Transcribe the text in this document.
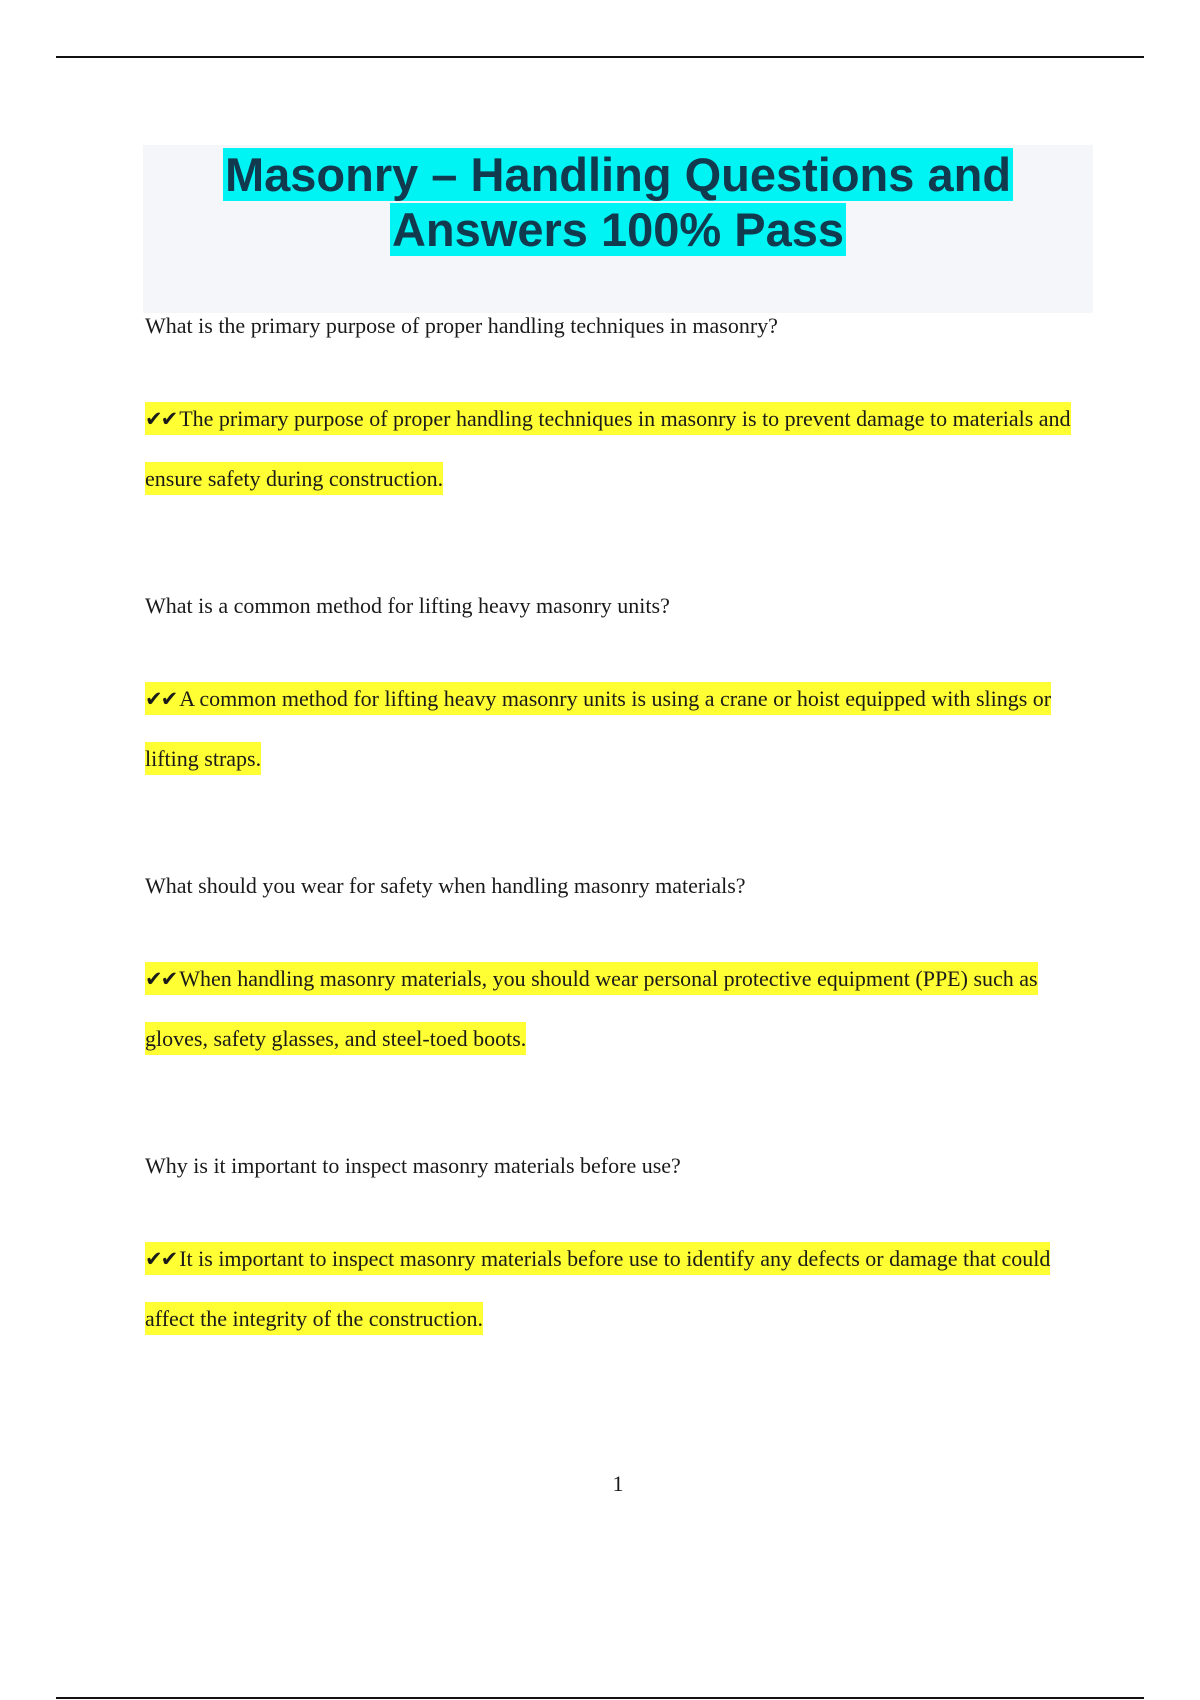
Masonry – Handling Questions and Answers 100% Pass

What is the primary purpose of proper handling techniques in masonry?

✔✔ The primary purpose of proper handling techniques in masonry is to prevent damage to materials and ensure safety during construction.

What is a common method for lifting heavy masonry units?

✔✔ A common method for lifting heavy masonry units is using a crane or hoist equipped with slings or lifting straps.

What should you wear for safety when handling masonry materials?

✔✔ When handling masonry materials, you should wear personal protective equipment (PPE) such as gloves, safety glasses, and steel-toed boots.

Why is it important to inspect masonry materials before use?

✔✔ It is important to inspect masonry materials before use to identify any defects or damage that could affect the integrity of the construction.

1
